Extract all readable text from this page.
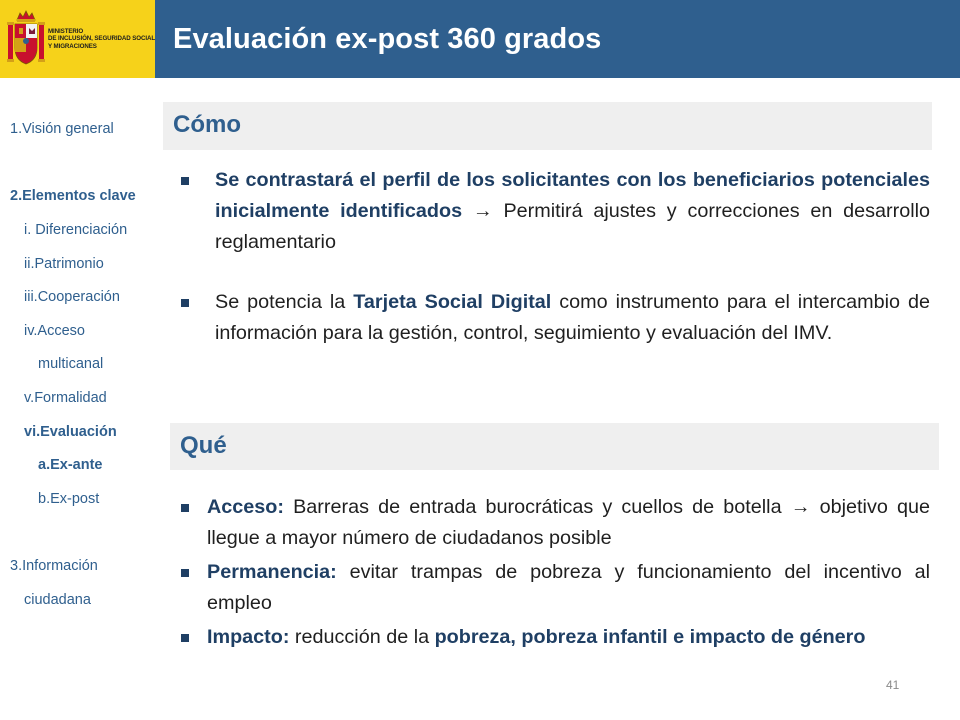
MINISTERIO
DE INCLUSIÓN, SEGURIDAD SOCIAL
Y MIGRACIONES	Evaluación ex-post 360 grados
1.Visión general
2.Elementos clave
i. Diferenciación
ii.Patrimonio
iii.Cooperación
iv.Acceso
multicanal
v.Formalidad
vi.Evaluación
a.Ex-ante
b.Ex-post
3.Información
ciudadana
Cómo
Se contrastará el perfil de los solicitantes con los beneficiarios potenciales inicialmente identificados → Permitirá ajustes y correcciones en desarrollo reglamentario
Se potencia la Tarjeta Social Digital como instrumento para el intercambio de información para la gestión, control, seguimiento y evaluación del IMV.
Qué
Acceso: Barreras de entrada burocráticas y cuellos de botella → objetivo que llegue a mayor número de ciudadanos posible
Permanencia: evitar trampas de pobreza y funcionamiento del incentivo al empleo
Impacto: reducción de la pobreza, pobreza infantil e impacto de género
41
